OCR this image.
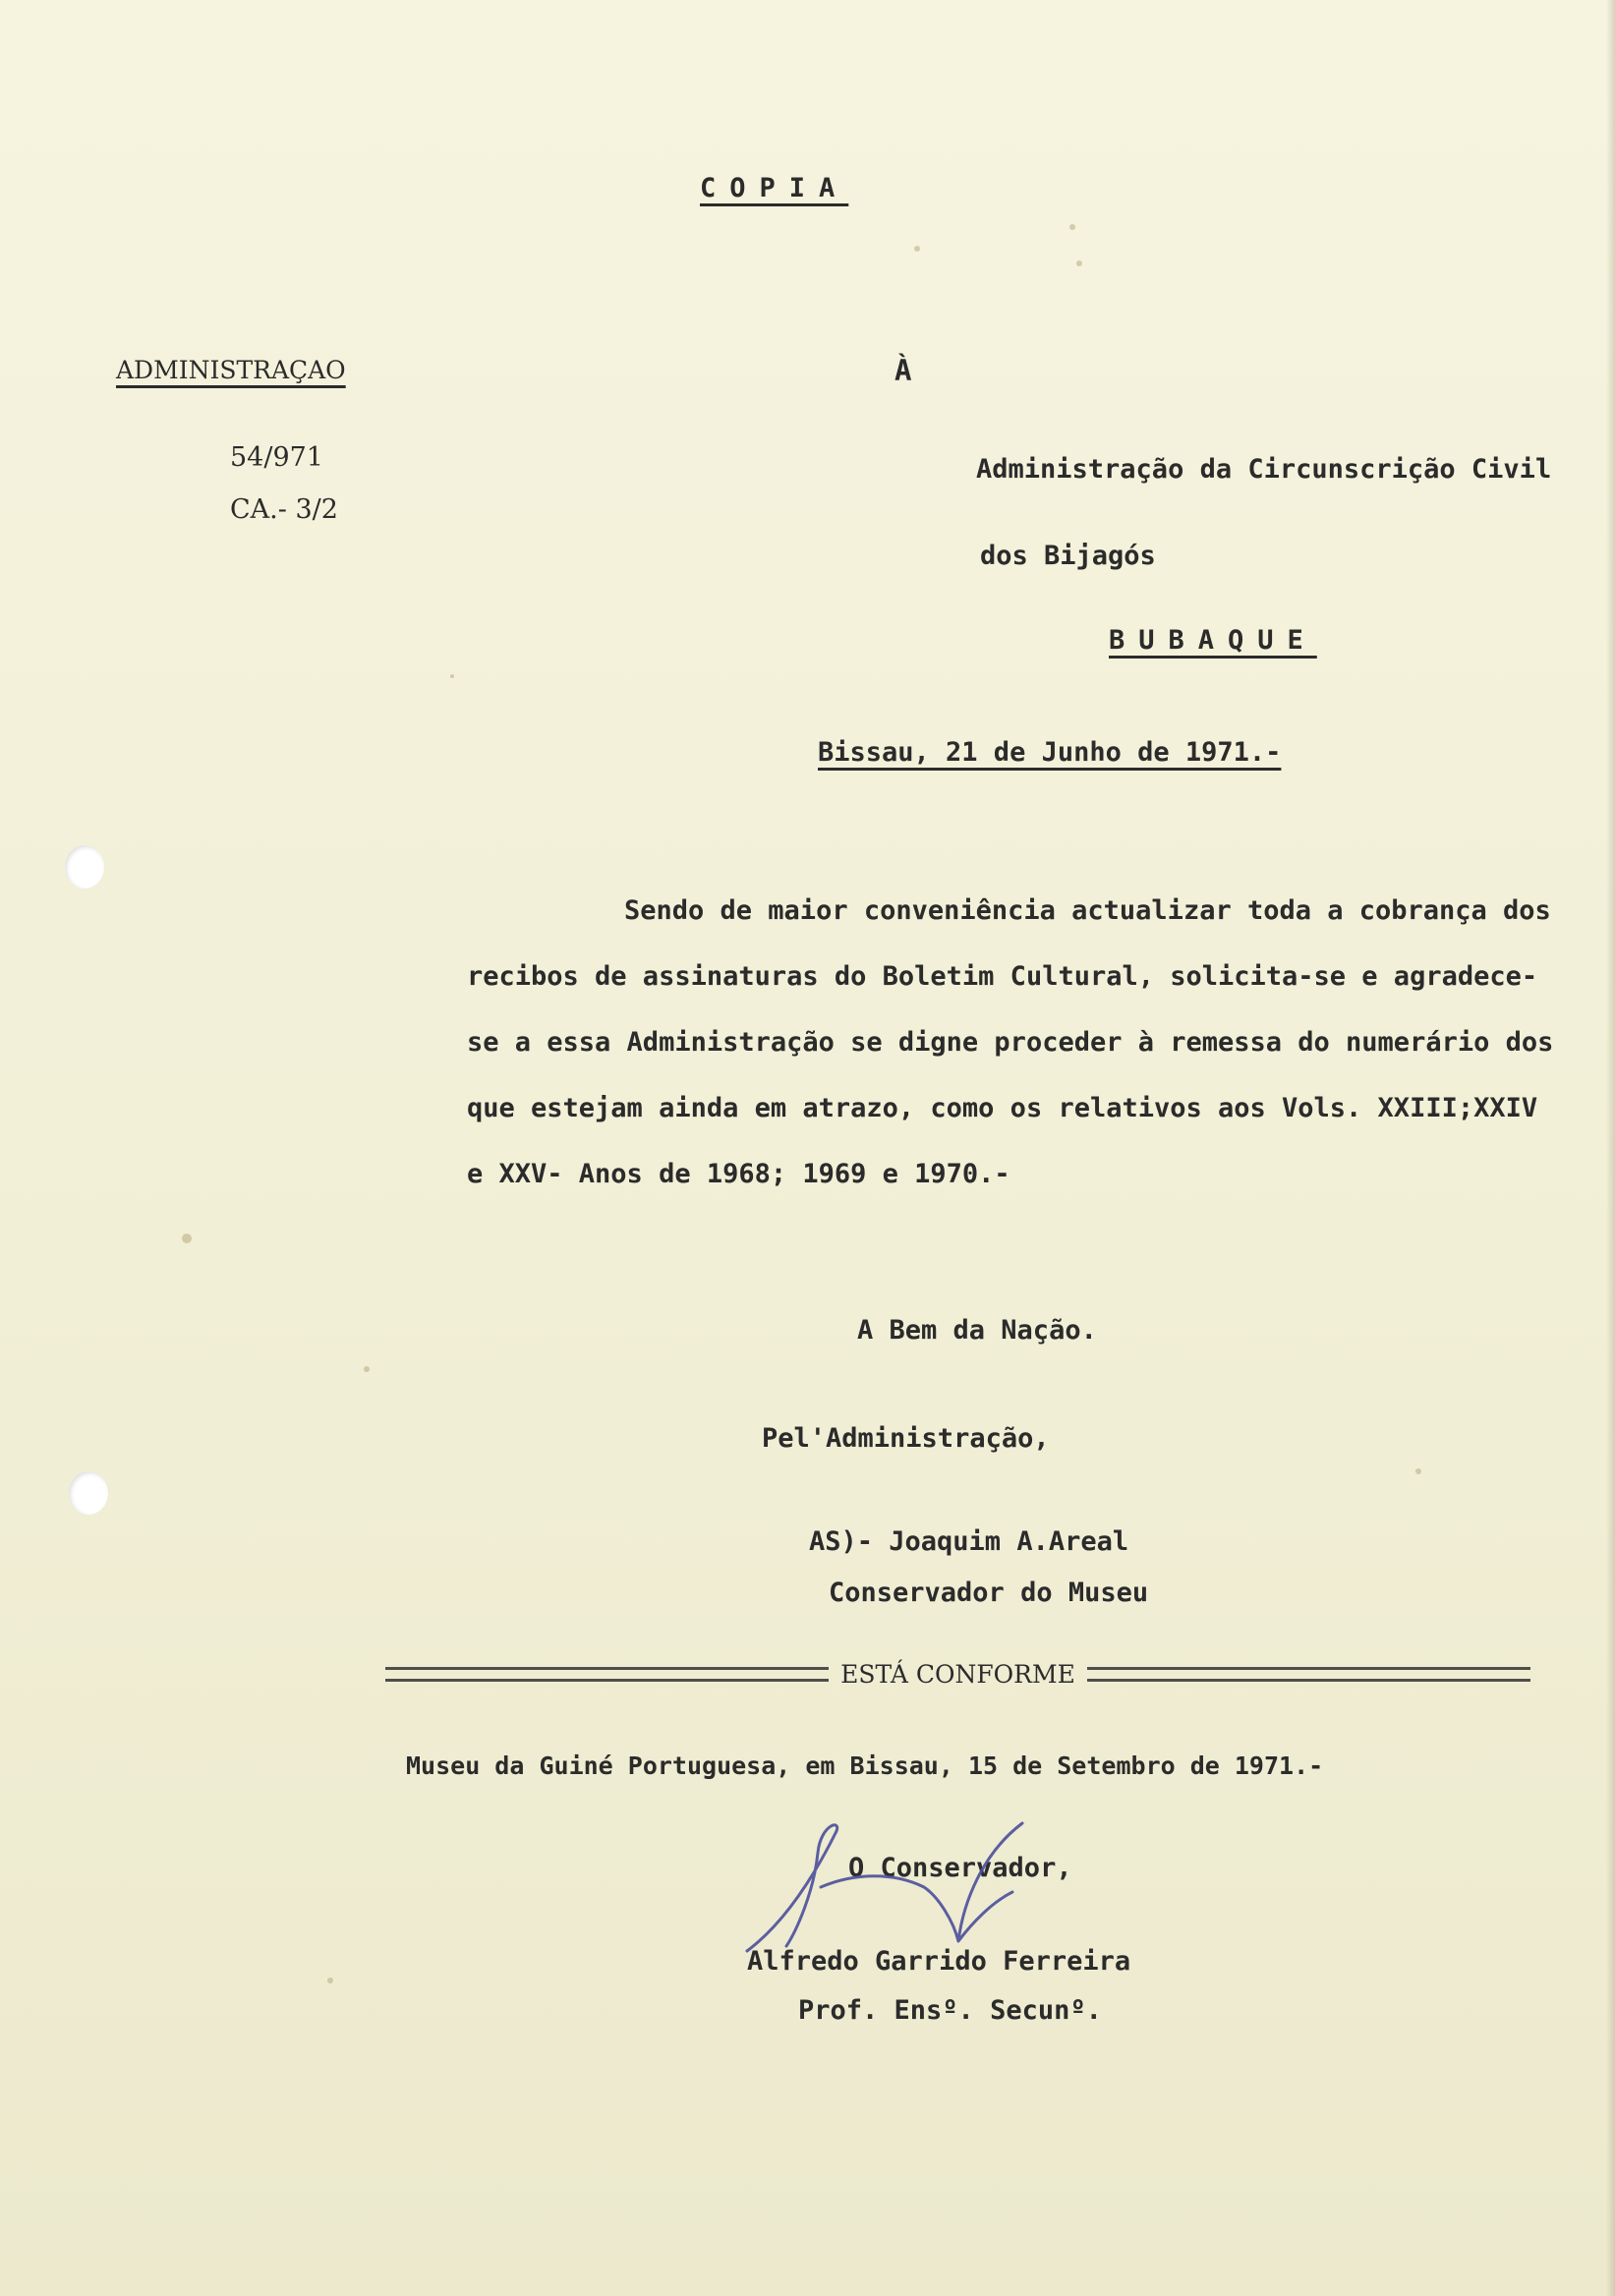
COPIA
ADMINISTRAÇAO
54/971
CA.- 3/2
À
Administração da Circunscrição Civil
dos Bijagós
BUBAQUE
Bissau, 21 de Junho de 1971.-
Sendo de maior conveniência actualizar toda a cobrança dos
recibos de assinaturas do Boletim Cultural, solicita-se e agradece-
se a essa Administração se digne proceder à remessa do numerário dos
que estejam ainda em atrazo, como os relativos aos Vols. XXIII;XXIV
e XXV- Anos de 1968; 1969 e 1970.-
A Bem da Nação.
Pel'Administração,
AS)- Joaquim A.Areal
Conservador do Museu
ESTÁ CONFORME
Museu da Guiné Portuguesa, em Bissau, 15 de Setembro de 1971.-
O Conservador,
Alfredo Garrido Ferreira
Prof. Ensº. Secunº.
